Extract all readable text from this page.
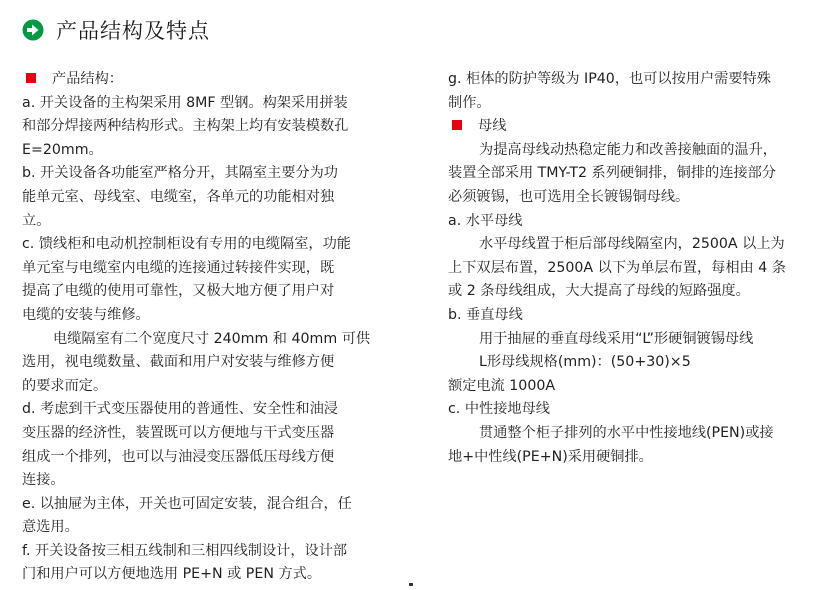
产品结构及特点
产品结构：
a. 开关设备的主构架采用 8MF 型钢。构架采用拼装
和部分焊接两种结构形式。主构架上均有安装模数孔
E=20mm。
b. 开关设备各功能室严格分开，其隔室主要分为功
能单元室、母线室、电缆室，各单元的功能相对独
立。
c. 馈线柜和电动机控制柜设有专用的电缆隔室，功能
单元室与电缆室内电缆的连接通过转接件实现，既
提高了电缆的使用可靠性，又极大地方便了用户对
电缆的安装与维修。
电缆隔室有二个宽度尺寸 240mm 和 40mm 可供
选用，视电缆数量、截面和用户对安装与维修方便
的要求而定。
d. 考虑到干式变压器使用的普通性、安全性和油浸
变压器的经济性，装置既可以方便地与干式变压器
组成一个排列，也可以与油浸变压器低压母线方便
连接。
e. 以抽屉为主体，开关也可固定安装，混合组合，任
意选用。
f. 开关设备按三相五线制和三相四线制设计，设计部
门和用户可以方便地选用 PE+N 或 PEN 方式。
g. 柜体的防护等级为 IP40，也可以按用户需要特殊
制作。
母线
为提高母线动热稳定能力和改善接触面的温升，
装置全部采用 TMY-T2 系列硬铜排，铜排的连接部分
必须镀锡，也可选用全长镀锡铜母线。
a. 水平母线
水平母线置于柜后部母线隔室内，2500A 以上为
上下双层布置，2500A 以下为单层布置，每相由 4 条
或 2 条母线组成，大大提高了母线的短路强度。
b. 垂直母线
用于抽屉的垂直母线采用“L”形硬铜镀锡母线
L形母线规格(mm)：(50+30)×5
额定电流 1000A
c. 中性接地母线
贯通整个柜子排列的水平中性接地线(PEN)或接
地+中性线(PE+N)采用硬铜排。
